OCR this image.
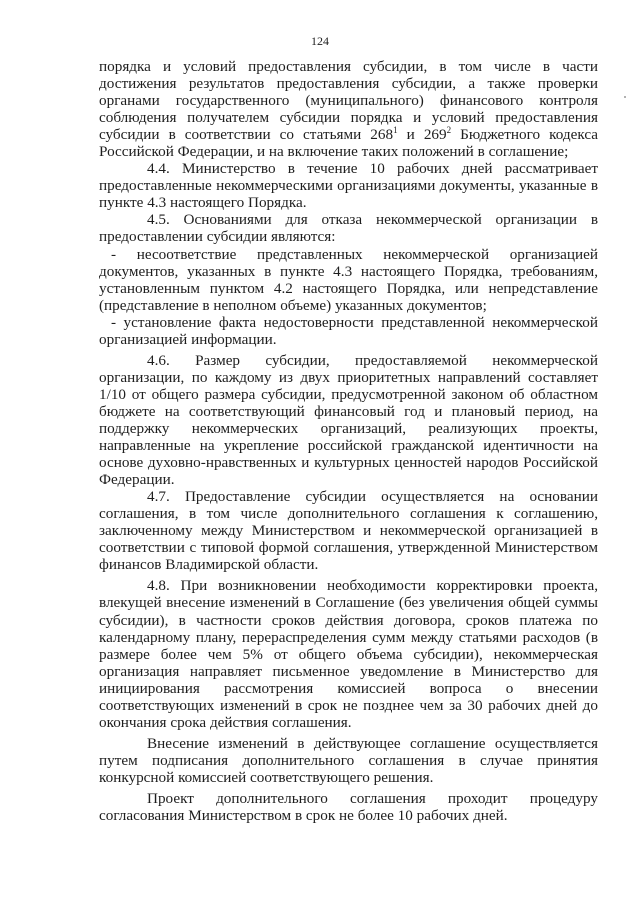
124

порядка и условий предоставления субсидии, в том числе в части достижения результатов предоставления субсидии, а также проверки органами государственного (муниципального) финансового контроля соблюдения получателем субсидии порядка и условий предоставления субсидии в соответствии со статьями $268^1$ и $269^2$ Бюджетного кодекса Российской Федерации, и на включение таких положений в соглашение;

4.4. Министерство в течение 10 рабочих дней рассматривает предоставленные некоммерческими организациями документы, указанные в пункте 4.3 настоящего Порядка.

4.5. Основаниями для отказа некоммерческой организации в предоставлении субсидии являются:

- несоответствие представленных некоммерческой организацией документов, указанных в пункте 4.3 настоящего Порядка, требованиям, установленным пунктом 4.2 настоящего Порядка, или непредставление (представление в неполном объеме) указанных документов;

- установление факта недостоверности представленной некоммерческой организацией информации.

4.6. Размер субсидии, предоставляемой некоммерческой организации, по каждому из двух приоритетных направлений составляет 1/10 от общего размера субсидии, предусмотренной законом об областном бюджете на соответствующий финансовый год и плановый период, на поддержку некоммерческих организаций, реализующих проекты, направленные на укрепление российской гражданской идентичности на основе духовно-нравственных и культурных ценностей народов Российской Федерации.

4.7. Предоставление субсидии осуществляется на основании соглашения, в том числе дополнительного соглашения к соглашению, заключенному между Министерством и некоммерческой организацией в соответствии с типовой формой соглашения, утвержденной Министерством финансов Владимирской области.

4.8. При возникновении необходимости корректировки проекта, влекущей внесение изменений в Соглашение (без увеличения общей суммы субсидии), в частности сроков действия договора, сроков платежа по календарному плану, перераспределения сумм между статьями расходов (в размере более чем 5% от общего объема субсидии), некоммерческая организация направляет письменное уведомление в Министерство для инициирования рассмотрения комиссией вопроса о внесении соответствующих изменений в срок не позднее чем за 30 рабочих дней до окончания срока действия соглашения.

Внесение изменений в действующее соглашение осуществляется путем подписания дополнительного соглашения в случае принятия конкурсной комиссией соответствующего решения.

Проект дополнительного соглашения проходит процедуру согласования Министерством в срок не более 10 рабочих дней.
